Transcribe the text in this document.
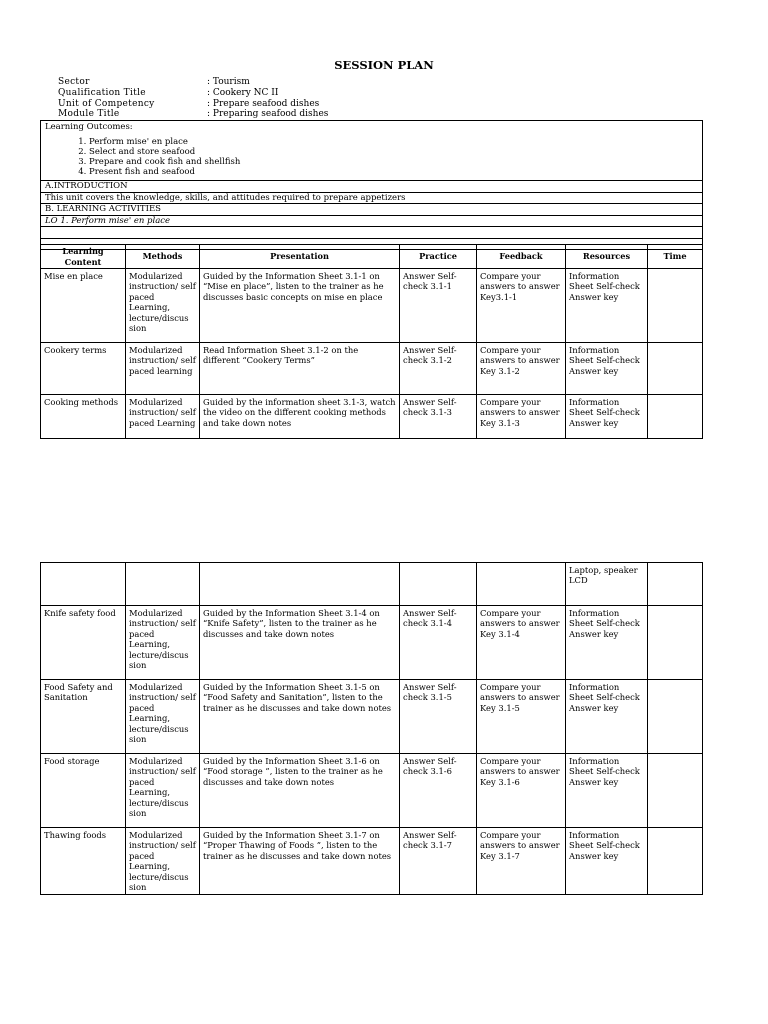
SESSION PLAN
Sector	: Tourism
Qualification Title	: Cookery NC II
Unit of Competency	: Prepare seafood dishes
Module Title	: Preparing seafood dishes
Learning Outcomes:
1. Perform mise' en place
2. Select and store seafood
3. Prepare and cook fish and shellfish
4. Present fish and seafood
A.INTRODUCTION
This unit covers the knowledge, skills, and attitudes required to prepare appetizers
B. LEARNING ACTIVITIES
LO 1. Perform mise' en place
Learning Content	Methods	Presentation	Practice	Feedback	Resources	Time
Mise en place	Modularized instruction/ self paced Learning, lecture/discus sion	Guided by the Information Sheet 3.1-1 on “Mise en place”, listen to the trainer as he discusses basic concepts on mise en place	Answer Self-check 3.1-1	Compare your answers to answer Key3.1-1	Information Sheet Self-check Answer key	
Cookery terms	Modularized instruction/ self paced learning	Read Information Sheet 3.1-2 on the different “Cookery Terms”	Answer Self-check 3.1-2	Compare your answers to answer Key 3.1-2	Information Sheet Self-check Answer key	
Cooking methods	Modularized instruction/ self paced Learning	Guided by the information sheet 3.1-3, watch the video on the different cooking methods and take down notes	Answer Self-check 3.1-3	Compare your answers to answer Key 3.1-3	Information Sheet Self-check Answer key	
					Laptop, speaker LCD	
Knife safety food	Modularized instruction/ self paced Learning, lecture/discus sion	Guided by the Information Sheet 3.1-4 on “Knife Safety”, listen to the trainer as he discusses and take down notes	Answer Self-check 3.1-4	Compare your answers to answer Key 3.1-4	Information Sheet Self-check Answer key	
Food Safety and Sanitation	Modularized instruction/ self paced Learning, lecture/discus sion	Guided by the Information Sheet 3.1-5 on “Food Safety and Sanitation”, listen to the trainer as he discusses and take down notes	Answer Self-check 3.1-5	Compare your answers to answer Key 3.1-5	Information Sheet Self-check Answer key	
Food storage	Modularized instruction/ self paced Learning, lecture/discus sion	Guided by the Information Sheet 3.1-6 on “Food storage ”, listen to the trainer as he discusses and take down notes	Answer Self-check 3.1-6	Compare your answers to answer Key 3.1-6	Information Sheet Self-check Answer key	
Thawing foods	Modularized instruction/ self paced Learning, lecture/discus sion	Guided by the Information Sheet 3.1-7 on “Proper Thawing of Foods ”, listen to the trainer as he discusses and take down notes	Answer Self-check 3.1-7	Compare your answers to answer Key 3.1-7	Information Sheet Self-check Answer key	
